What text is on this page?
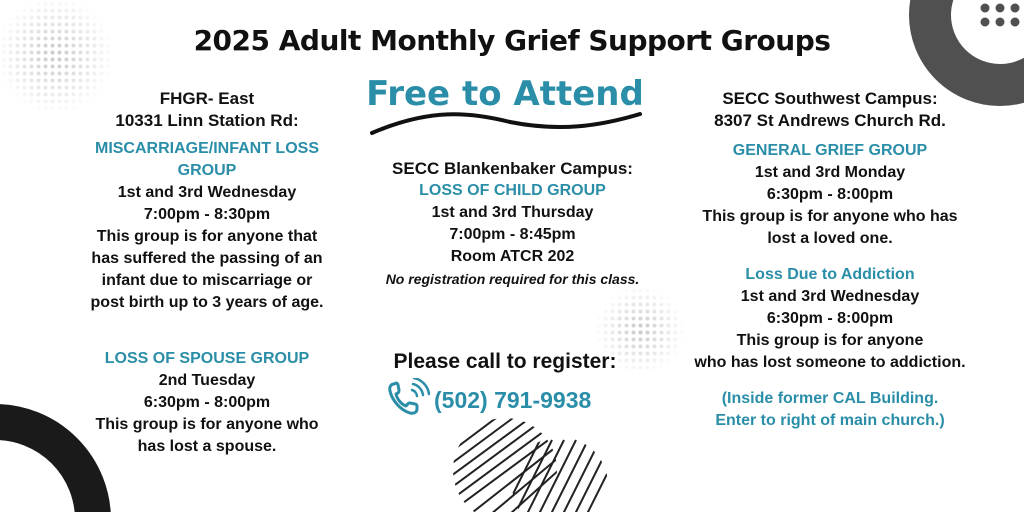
2025 Adult Monthly Grief Support Groups
Free to Attend
FHGR- East
10331 Linn Station Rd:
MISCARRIAGE/INFANT LOSS
GROUP
1st and 3rd Wednesday
7:00pm - 8:30pm
This group is for anyone that
has suffered the passing of an
infant due to miscarriage or
post birth up to 3 years of age.
LOSS OF SPOUSE GROUP
2nd Tuesday
6:30pm - 8:00pm
This group is for anyone who
has lost a spouse.
SECC Blankenbaker Campus:
LOSS OF CHILD GROUP
1st and 3rd Thursday
7:00pm - 8:45pm
Room ATCR 202
No registration required for this class.
Please call to register:
(502) 791-9938
SECC Southwest Campus:
8307 St Andrews Church Rd.
GENERAL GRIEF GROUP
1st and 3rd Monday
6:30pm - 8:00pm
This group is for anyone who has
lost a loved one.
Loss Due to Addiction
1st and 3rd Wednesday
6:30pm - 8:00pm
This group is for anyone
who has lost someone to addiction.
(Inside former CAL Building.
Enter to right of main church.)
